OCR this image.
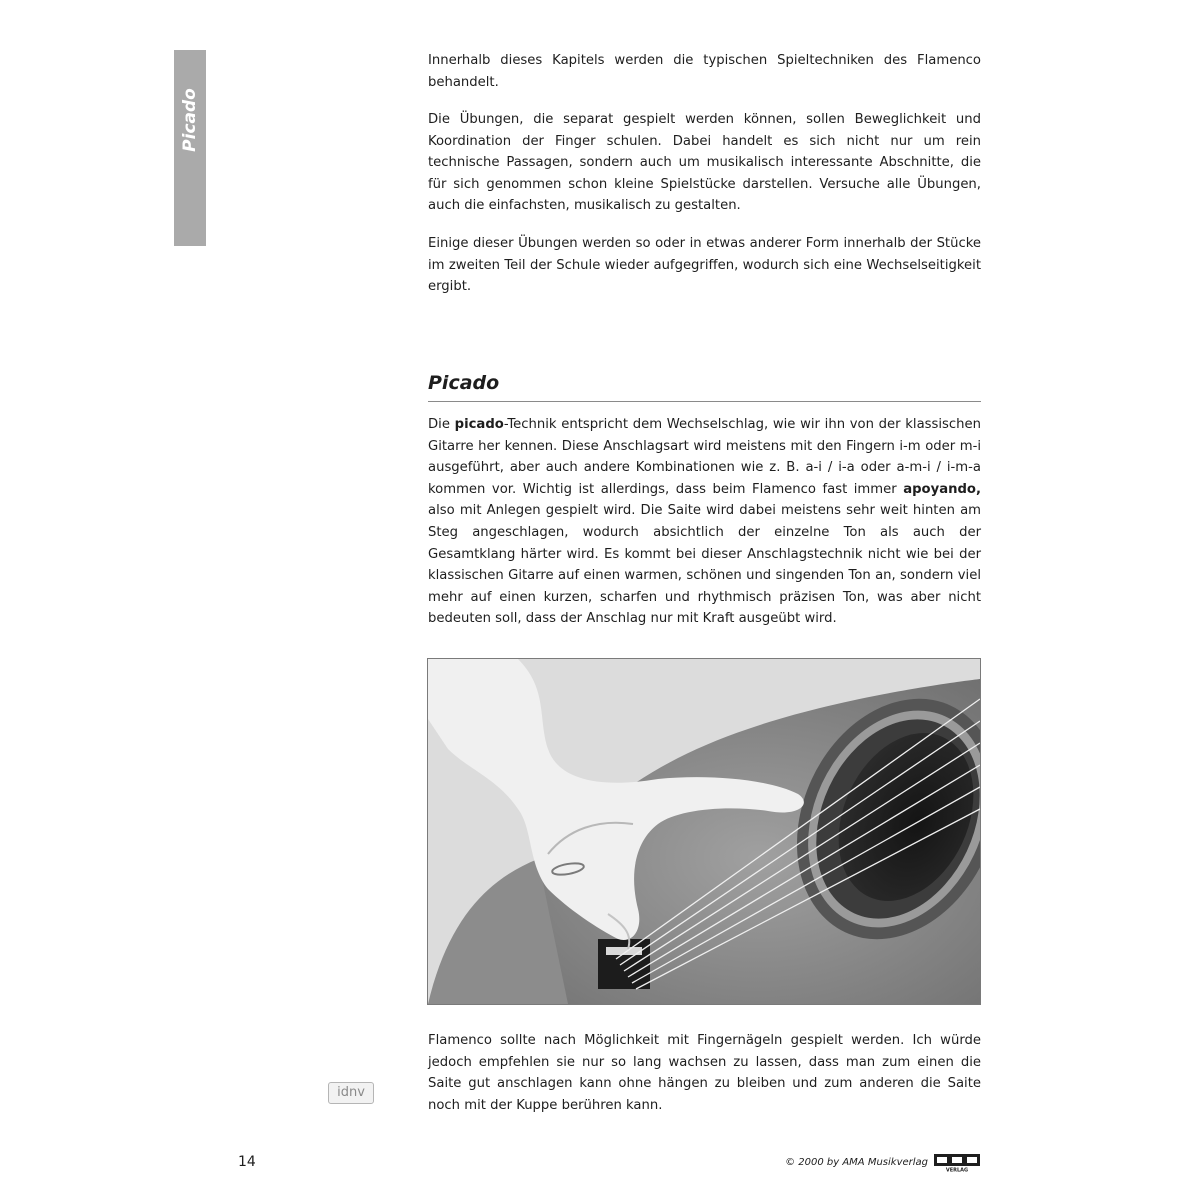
Picado

Innerhalb dieses Kapitels werden die typischen Spieltechniken des Flamenco behandelt.

Die Übungen, die separat gespielt werden können, sollen Beweglichkeit und Koordination der Finger schulen. Dabei handelt es sich nicht nur um rein technische Passagen, sondern auch um musikalisch interessante Abschnitte, die für sich genommen schon kleine Spielstücke darstellen. Versuche alle Übungen, auch die einfachsten, musikalisch zu gestalten.

Einige dieser Übungen werden so oder in etwas anderer Form innerhalb der Stücke im zweiten Teil der Schule wieder aufgegriffen, wodurch sich eine Wechselseitigkeit ergibt.

Picado

Die picado-Technik entspricht dem Wechselschlag, wie wir ihn von der klassischen Gitarre her kennen. Diese Anschlagsart wird meistens mit den Fingern i-m oder m-i ausgeführt, aber auch andere Kombinationen wie z. B. a-i / i-a oder a-m-i / i-m-a kommen vor. Wichtig ist allerdings, dass beim Flamenco fast immer apoyando, also mit Anlegen gespielt wird. Die Saite wird dabei meistens sehr weit hinten am Steg angeschlagen, wodurch absichtlich der einzelne Ton als auch der Gesamtklang härter wird. Es kommt bei dieser Anschlagstechnik nicht wie bei der klassischen Gitarre auf einen warmen, schönen und singenden Ton an, sondern viel mehr auf einen kurzen, scharfen und rhythmisch präzisen Ton, was aber nicht bedeuten soll, dass der Anschlag nur mit Kraft ausgeübt wird.

Flamenco sollte nach Möglichkeit mit Fingernägeln gespielt werden. Ich würde jedoch empfehlen sie nur so lang wachsen zu lassen, dass man zum einen die Saite gut anschlagen kann ohne hängen zu bleiben und zum anderen die Saite noch mit der Kuppe berühren kann.

idnv
14	© 2000 by AMA Musikverlag
VERLAG
